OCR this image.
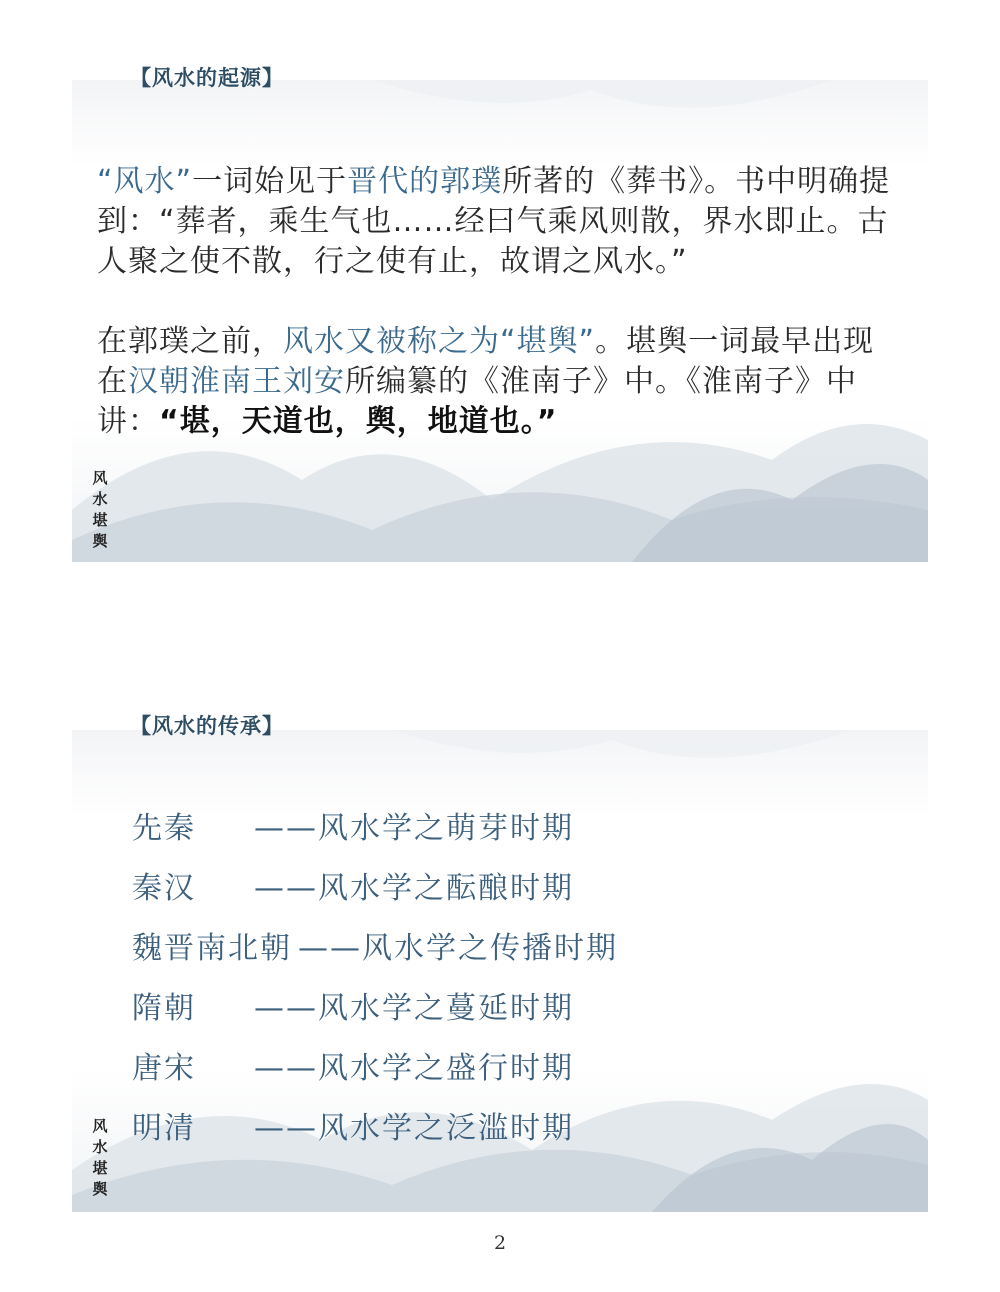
【风水的起源】
“风水”一词始见于晋代的郭璞所著的《葬书》。书中明确提到：“葬者，乘生气也……经曰气乘风则散，界水即止。古人聚之使不散，行之使有止，故谓之风水。”
在郭璞之前，风水又被称之为“堪舆”。堪舆一词最早出现在汉朝淮南王刘安所编纂的《淮南子》中。《淮南子》中讲：“堪，天道也，舆，地道也。”
风水堪舆
【风水的传承】
先秦 ——风水学之萌芽时期
秦汉 ——风水学之酝酿时期
魏晋南北朝 ——风水学之传播时期
隋朝 ——风水学之蔓延时期
唐宋 ——风水学之盛行时期
明清 ——风水学之泛滥时期
风水堪舆
2
